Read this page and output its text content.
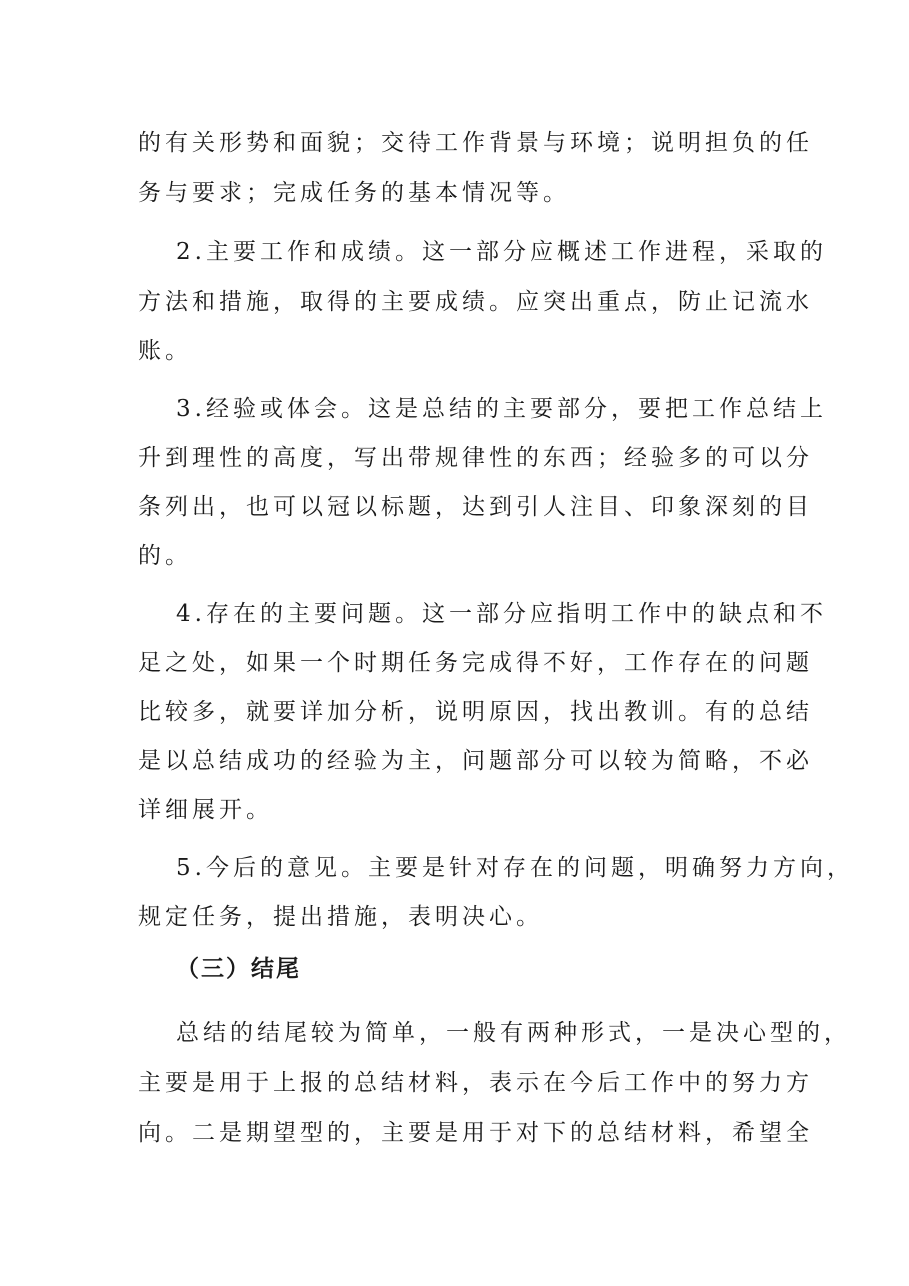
的有关形势和面貌；交待工作背景与环境；说明担负的任

务与要求；完成任务的基本情况等。

2.主要工作和成绩。这一部分应概述工作进程，采取的

方法和措施，取得的主要成绩。应突出重点，防止记流水

账。

3.经验或体会。这是总结的主要部分，要把工作总结上

升到理性的高度，写出带规律性的东西；经验多的可以分

条列出，也可以冠以标题，达到引人注目、印象深刻的目

的。

4.存在的主要问题。这一部分应指明工作中的缺点和不

足之处，如果一个时期任务完成得不好，工作存在的问题

比较多，就要详加分析，说明原因，找出教训。有的总结

是以总结成功的经验为主，问题部分可以较为简略，不必

详细展开。

5.今后的意见。主要是针对存在的问题，明确努力方向，

规定任务，提出措施，表明决心。

（三）结尾

总结的结尾较为简单，一般有两种形式，一是决心型的，

主要是用于上报的总结材料，表示在今后工作中的努力方

向。二是期望型的，主要是用于对下的总结材料，希望全
